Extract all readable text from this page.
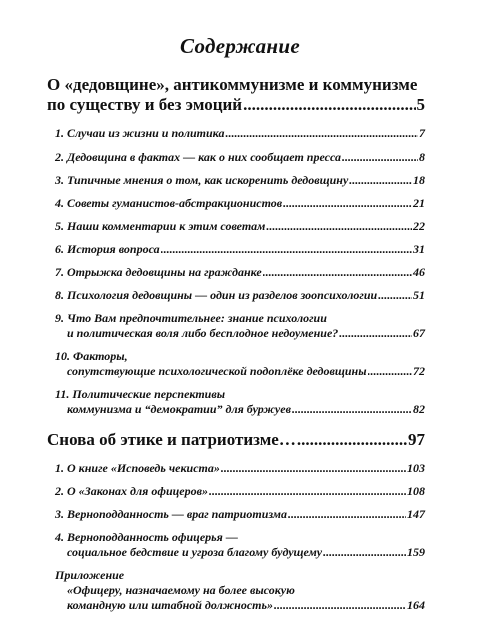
Содержание
О «дедовщине», антикоммунизме и коммунизме
по существу и без эмоций .....	5
1. Случаи из жизни и политика .....	7
2. Дедовщина в фактах — как о них сообщает пресса .....	8
3. Типичные мнения о том, как искоренить дедовщину .....	18
4. Советы гуманистов-абстракционистов .....	21
5. Наши комментарии к этим советам .....	22
6. История вопроса .....	31
7. Отрыжка дедовщины на гражданке .....	46
8. Психология дедовщины — один из разделов зоопсихологии .....	51
9. Что Вам предпочтительнее: знание психологии
и политическая воля либо бесплодное недоумение? .....	67
10. Факторы,
сопутствующие психологической подоплёке дедовщины .....	72
11. Политические перспективы
коммунизма и “демократии” для буржуев .....	82
Снова об этике и патриотизме… .....	97
1. О книге «Исповедь чекиста» .....	103
2. О «Законах для офицеров» .....	108
3. Верноподданность — враг патриотизма .....	147
4. Верноподданность офицерья —
социальное бедствие и угроза благому будущему .....	159
Приложение
«Офицеру, назначаемому на более высокую
командную или штабной должность» .....	164
